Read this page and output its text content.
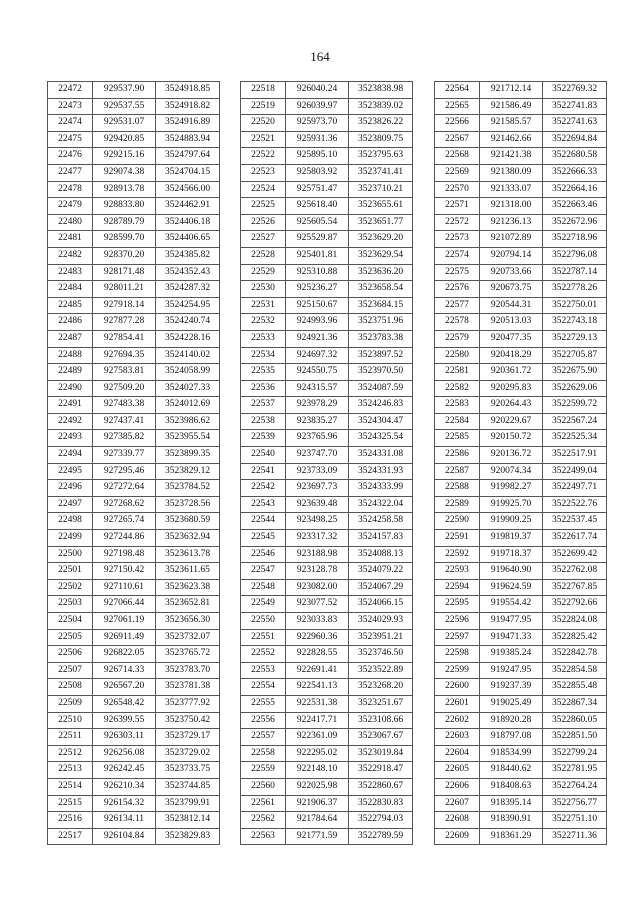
164
22472	929537.90	3524918.85
22473	929537.55	3524918.82
22474	929531.07	3524916.89
22475	929420.85	3524883.94
22476	929215.16	3524797.64
22477	929074.38	3524704.15
22478	928913.78	3524566.00
22479	928833.80	3524462.91
22480	928789.79	3524406.18
22481	928599.70	3524406.65
22482	928370.20	3524385.82
22483	928171.48	3524352.43
22484	928011.21	3524287.32
22485	927918.14	3524254.95
22486	927877.28	3524240.74
22487	927854.41	3524228.16
22488	927694.35	3524140.02
22489	927583.81	3524058.99
22490	927509.20	3524027.33
22491	927483.38	3524012.69
22492	927437.41	3523986.62
22493	927385.82	3523955.54
22494	927339.77	3523899.35
22495	927295.46	3523829.12
22496	927272.64	3523784.52
22497	927268.62	3523728.56
22498	927265.74	3523680.59
22499	927244.86	3523632.94
22500	927198.48	3523613.78
22501	927150.42	3523611.65
22502	927110.61	3523623.38
22503	927066.44	3523652.81
22504	927061.19	3523656.30
22505	926911.49	3523732.07
22506	926822.05	3523765.72
22507	926714.33	3523783.70
22508	926567.20	3523781.38
22509	926548.42	3523777.92
22510	926399.55	3523750.42
22511	926303.11	3523729.17
22512	926256.08	3523729.02
22513	926242.45	3523733.75
22514	926210.34	3523744.85
22515	926154.32	3523799.91
22516	926134.11	3523812.14
22517	926104.84	3523829.83
22518	926040.24	3523838.98
22519	926039.97	3523839.02
22520	925973.70	3523826.22
22521	925931.36	3523809.75
22522	925895.10	3523795.63
22523	925803.92	3523741.41
22524	925751.47	3523710.21
22525	925618.40	3523655.61
22526	925605.54	3523651.77
22527	925529.87	3523629.20
22528	925401.81	3523629.54
22529	925310.88	3523636.20
22530	925236.27	3523658.54
22531	925150.67	3523684.15
22532	924993.96	3523751.96
22533	924921.36	3523783.38
22534	924697.32	3523897.52
22535	924550.75	3523970.50
22536	924315.57	3524087.59
22537	923978.29	3524246.83
22538	923835.27	3524304.47
22539	923765.96	3524325.54
22540	923747.70	3524331.08
22541	923733.09	3524331.93
22542	923697.73	3524333.99
22543	923639.48	3524322.04
22544	923498.25	3524258.58
22545	923317.32	3524157.83
22546	923188.98	3524088.13
22547	923128.78	3524079.22
22548	923082.00	3524067.29
22549	923077.52	3524066.15
22550	923033.83	3524029.93
22551	922960.36	3523951.21
22552	922828.55	3523746.50
22553	922691.41	3523522.89
22554	922541.13	3523268.20
22555	922531.38	3523251.67
22556	922417.71	3523108.66
22557	922361.09	3523067.67
22558	922295.02	3523019.84
22559	922148.10	3522918.47
22560	922025.98	3522860.67
22561	921906.37	3522830.83
22562	921784.64	3522794.03
22563	921771.59	3522789.59
22564	921712.14	3522769.32
22565	921586.49	3522741.83
22566	921585.57	3522741.63
22567	921462.66	3522694.84
22568	921421.38	3522680.58
22569	921380.09	3522666.33
22570	921333.07	3522664.16
22571	921318.00	3522663.46
22572	921236.13	3522672.96
22573	921072.89	3522718.96
22574	920794.14	3522796.08
22575	920733.66	3522787.14
22576	920673.75	3522778.26
22577	920544.31	3522750.01
22578	920513.03	3522743.18
22579	920477.35	3522729.13
22580	920418.29	3522705.87
22581	920361.72	3522675.90
22582	920295.83	3522629.06
22583	920264.43	3522599.72
22584	920229.67	3522567.24
22585	920150.72	3522525.34
22586	920136.72	3522517.91
22587	920074.34	3522499.04
22588	919982.27	3522497.71
22589	919925.70	3522522.76
22590	919909.25	3522537.45
22591	919819.37	3522617.74
22592	919718.37	3522699.42
22593	919640.90	3522762.08
22594	919624.59	3522767.85
22595	919554.42	3522792.66
22596	919477.95	3522824.08
22597	919471.33	3522825.42
22598	919385.24	3522842.78
22599	919247.95	3522854.58
22600	919237.39	3522855.48
22601	919025.49	3522867.34
22602	918920.28	3522860.05
22603	918797.08	3522851.50
22604	918534.99	3522799.24
22605	918440.62	3522781.95
22606	918408.63	3522764.24
22607	918395.14	3522756.77
22608	918390.91	3522751.10
22609	918361.29	3522711.36
